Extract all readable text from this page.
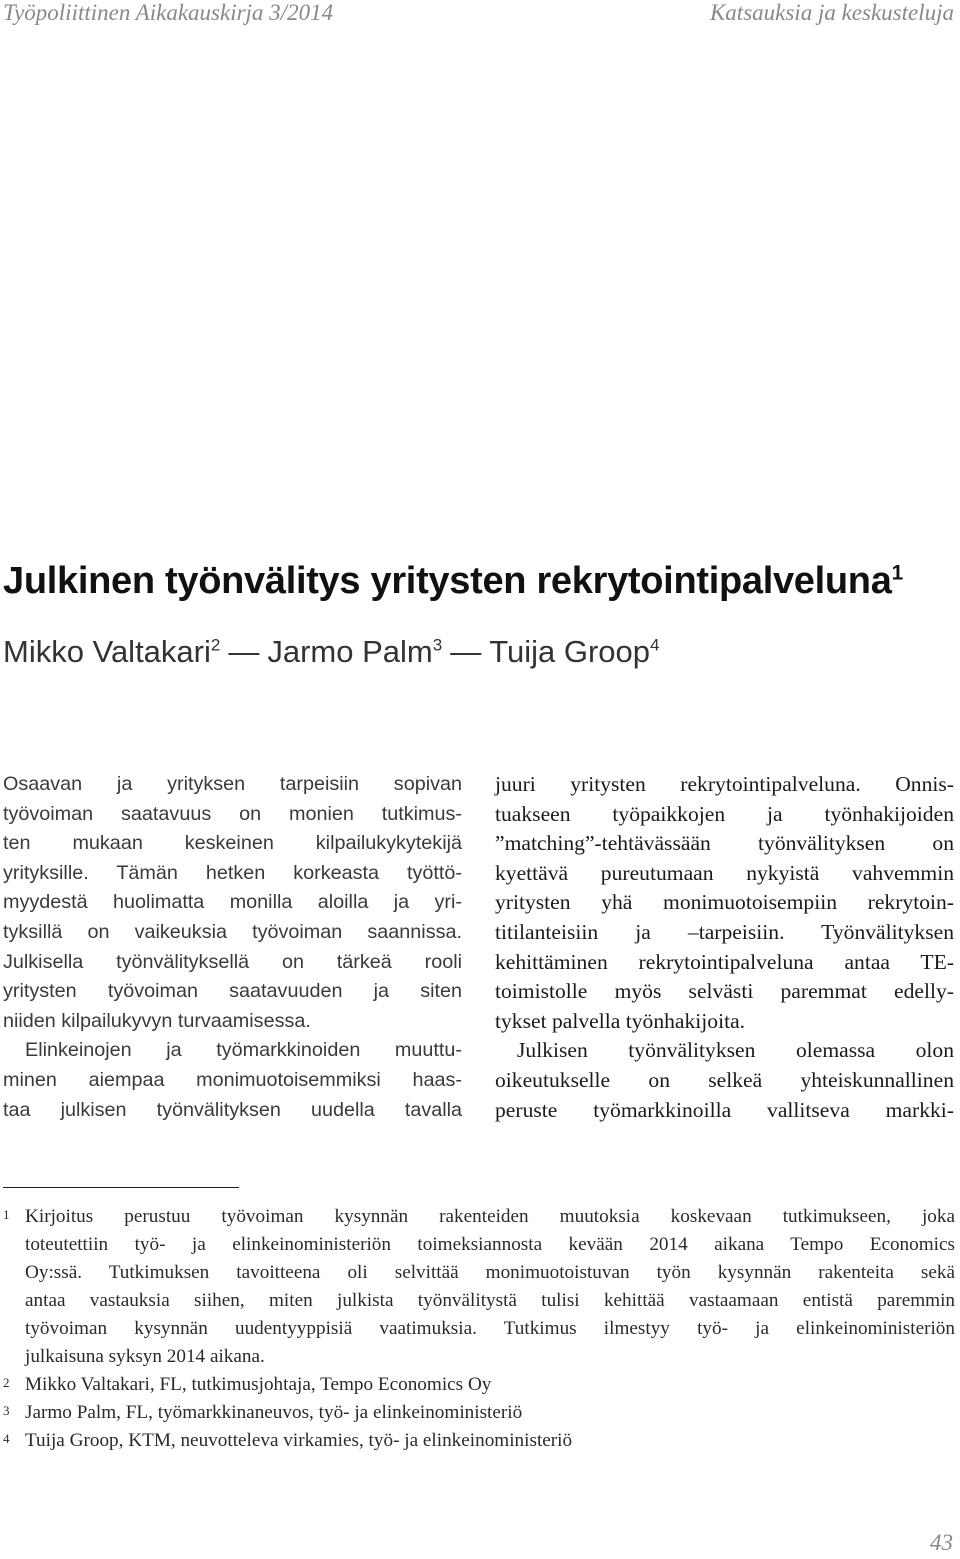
Työpoliittinen Aikakauskirja 3/2014	Katsauksia ja keskusteluja
Julkinen työnvälitys yritysten rekrytointipalveluna$^1$
Mikko Valtakari$^2$ — Jarmo Palm$^3$ — Tuija Groop$^4$
Osaavan ja yrityksen tarpeisiin sopivan
työvoiman saatavuus on monien tutkimus-
ten mukaan keskeinen kilpailukykytekijä
yrityksille. Tämän hetken korkeasta työttö-
myydestä huolimatta monilla aloilla ja yri-
tyksillä on vaikeuksia työvoiman saannissa.
Julkisella työnvälityksellä on tärkeä rooli
yritysten työvoiman saatavuuden ja siten
niiden kilpailukyvyn turvaamisessa.
Elinkeinojen ja työmarkkinoiden muuttu-
minen aiempaa monimuotoisemmiksi haas-
taa julkisen työnvälityksen uudella tavalla
juuri yritysten rekrytointipalveluna. Onnis-
tuakseen työpaikkojen ja työnhakijoiden
”matching”-tehtävässään työnvälityksen on
kyettävä pureutumaan nykyistä vahvemmin
yritysten yhä monimuotoisempiin rekrytoin-
titilanteisiin ja –tarpeisiin. Työnvälityksen
kehittäminen rekrytointipalveluna antaa TE-
toimistolle myös selvästi paremmat edelly-
tykset palvella työnhakijoita.
Julkisen työnvälityksen olemassa olon
oikeutukselle on selkeä yhteiskunnallinen
peruste työmarkkinoilla vallitseva markki-
1 Kirjoitus perustuu työvoiman kysynnän rakenteiden muutoksia koskevaan tutkimukseen, joka
toteutettiin työ- ja elinkeinoministeriön toimeksiannosta kevään 2014 aikana Tempo Economics
Oy:ssä. Tutkimuksen tavoitteena oli selvittää monimuotoistuvan työn kysynnän rakenteita sekä
antaa vastauksia siihen, miten julkista työnvälitystä tulisi kehittää vastaamaan entistä paremmin
työvoiman kysynnän uudentyyppisiä vaatimuksia. Tutkimus ilmestyy työ- ja elinkeinoministeriön
julkaisuna syksyn 2014 aikana.
2 Mikko Valtakari, FL, tutkimusjohtaja, Tempo Economics Oy
3 Jarmo Palm, FL, työmarkkinaneuvos, työ- ja elinkeinoministeriö
4 Tuija Groop, KTM, neuvotteleva virkamies, työ- ja elinkeinoministeriö
43
